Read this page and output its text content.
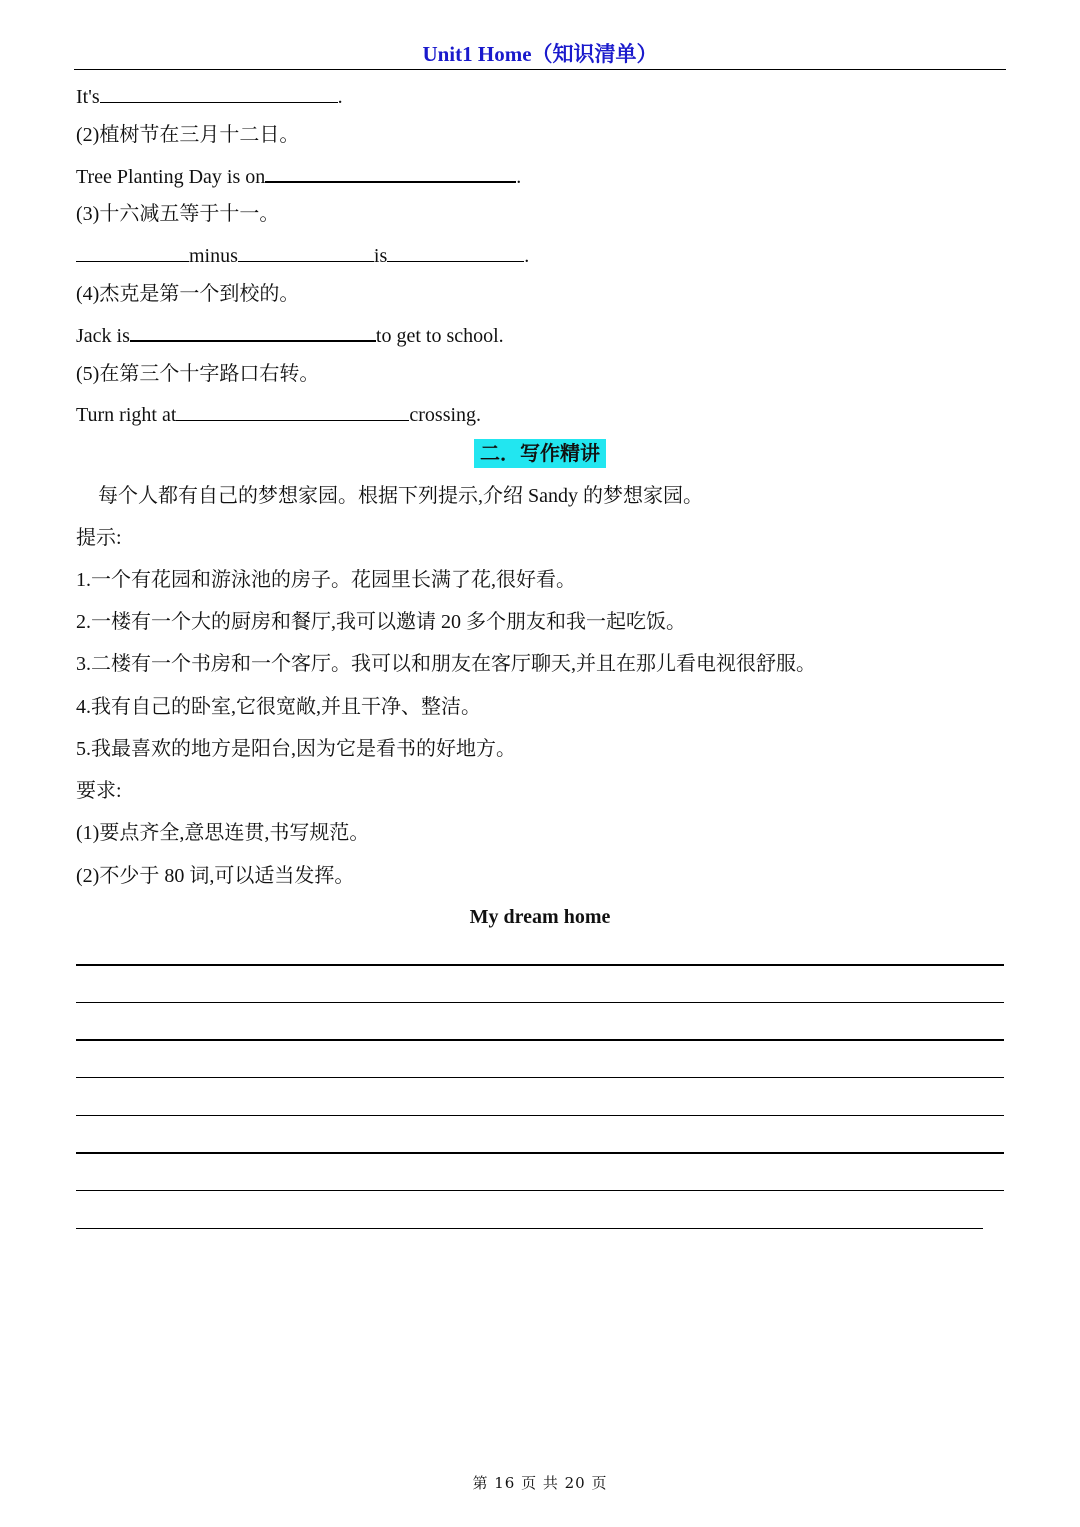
Unit1 Home（知识清单）
It's	.
(2)植树节在三月十二日。
Tree Planting Day is on	.
(3)十六减五等于十一。
minus	is	.
(4)杰克是第一个到校的。
Jack is	to get to school.
(5)在第三个十字路口右转。
Turn right at	crossing.
二．写作精讲
每个人都有自己的梦想家园。根据下列提示,介绍 Sandy 的梦想家园。
提示:
1.一个有花园和游泳池的房子。花园里长满了花,很好看。
2.一楼有一个大的厨房和餐厅,我可以邀请 20 多个朋友和我一起吃饭。
3.二楼有一个书房和一个客厅。我可以和朋友在客厅聊天,并且在那儿看电视很舒服。
4.我有自己的卧室,它很宽敞,并且干净、整洁。
5.我最喜欢的地方是阳台,因为它是看书的好地方。
要求:
(1)要点齐全,意思连贯,书写规范。
(2)不少于 80 词,可以适当发挥。
My dream home
第 16 页 共 20 页
